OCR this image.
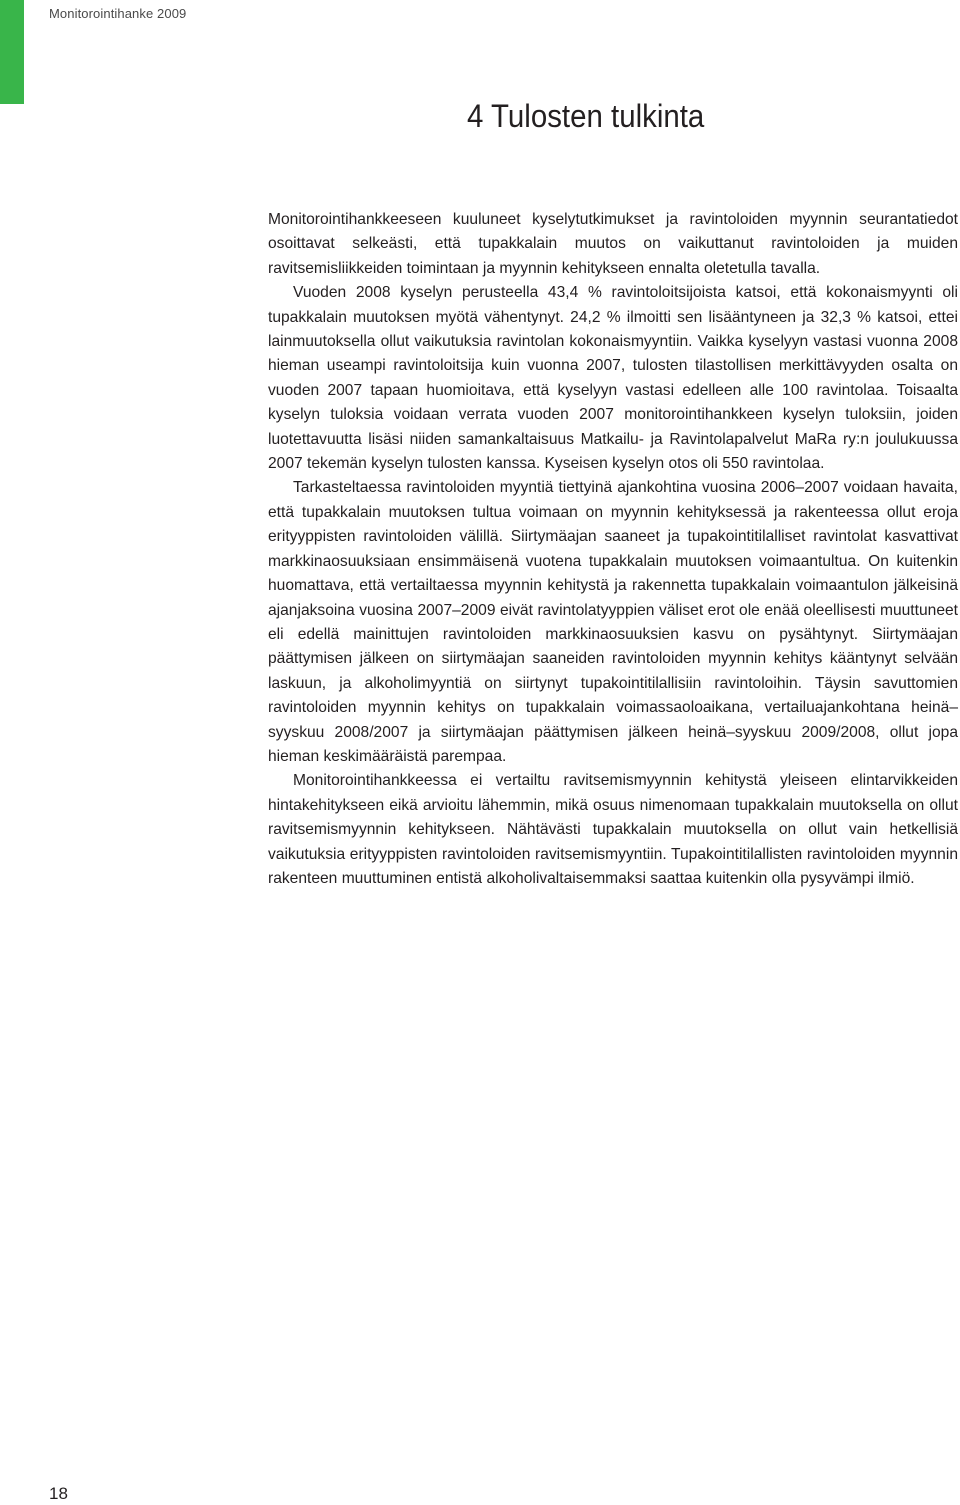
Monitorointihanke 2009
4 Tulosten tulkinta

Monitorointihankkeeseen kuuluneet kyselytutkimukset ja ravintoloiden myynnin seurantatiedot osoittavat selkeästi, että tupakkalain muutos on vaikuttanut ravintoloiden ja muiden ravitsemisliikkeiden toimintaan ja myynnin kehitykseen ennalta oletetulla tavalla.

Vuoden 2008 kyselyn perusteella 43,4 % ravintoloitsijoista katsoi, että kokonaismyynti oli tupakkalain muutoksen myötä vähentynyt. 24,2 % ilmoitti sen lisääntyneen ja 32,3 % katsoi, ettei lainmuutoksella ollut vaikutuksia ravintolan kokonaismyyntiin. Vaikka kyselyyn vastasi vuonna 2008 hieman useampi ravintoloitsija kuin vuonna 2007, tulosten tilastollisen merkittävyyden osalta on vuoden 2007 tapaan huomioitava, että kyselyyn vastasi edelleen alle 100 ravintolaa. Toisaalta kyselyn tuloksia voidaan verrata vuoden 2007 monitorointihankkeen kyselyn tuloksiin, joiden luotettavuutta lisäsi niiden samankaltaisuus Matkailu- ja Ravintolapalvelut MaRa ry:n joulukuussa 2007 tekemän kyselyn tulosten kanssa. Kyseisen kyselyn otos oli 550 ravintolaa.

Tarkasteltaessa ravintoloiden myyntiä tiettyinä ajankohtina vuosina 2006–2007 voidaan havaita, että tupakkalain muutoksen tultua voimaan on myynnin kehityksessä ja rakenteessa ollut eroja erityyppisten ravintoloiden välillä. Siirtymäajan saaneet ja tupakointitilalliset ravintolat kasvattivat markkinaosuuksiaan ensimmäisenä vuotena tupakkalain muutoksen voimaantultua. On kuitenkin huomattava, että vertailtaessa myynnin kehitystä ja rakennetta tupakkalain voimaantulon jälkeisinä ajanjaksoina vuosina 2007–2009 eivät ravintolatyyppien väliset erot ole enää oleellisesti muuttuneet eli edellä mainittujen ravintoloiden markkinaosuuksien kasvu on pysähtynyt. Siirtymäajan päättymisen jälkeen on siirtymäajan saaneiden ravintoloiden myynnin kehitys kääntynyt selvään laskuun, ja alkoholimyyntiä on siirtynyt tupakointitilallisiin ravintoloihin. Täysin savuttomien ravintoloiden myynnin kehitys on tupakkalain voimassaoloaikana, vertailuajankohtana heinä–syyskuu 2008/2007 ja siirtymäajan päättymisen jälkeen heinä–syyskuu 2009/2008, ollut jopa hieman keskimääräistä parempaa.

Monitorointihankkeessa ei vertailtu ravitsemismyynnin kehitystä yleiseen elintarvikkeiden hintakehitykseen eikä arvioitu lähemmin, mikä osuus nimenomaan tupakkalain muutoksella on ollut ravitsemismyynnin kehitykseen. Nähtävästi tupakkalain muutoksella on ollut vain hetkellisiä vaikutuksia erityyppisten ravintoloiden ravitsemismyyntiin. Tupakointitilallisten ravintoloiden myynnin rakenteen muuttuminen entistä alkoholivaltaisemmaksi saattaa kuitenkin olla pysyvämpi ilmiö.

18
